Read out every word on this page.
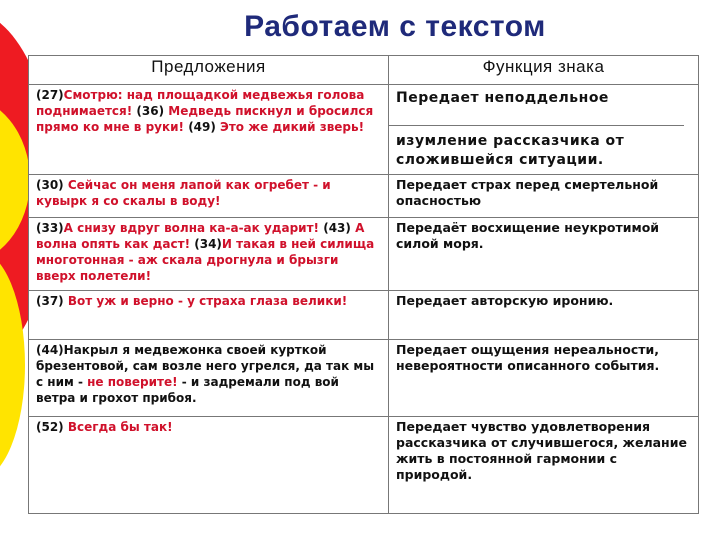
Работаем с текстом
Предложения	Функция знака
(27)Смотрю: над площадкой медвежья голова поднимается! (36) Медведь пискнул и бросился прямо ко мне в руки! (49) Это же дикий зверь!	Передает неподдельное
изумление рассказчика от сложившейся ситуации.

(30) Сейчас он меня лапой как огребет - и кувырк я со скалы в воду!	Передает страх перед смертельной опасностью
(33)А снизу вдруг волна ка-а-ак ударит! (43) А волна опять как даст! (34)И такая в ней силища многотонная - аж скала дрогнула и брызги вверх полетели!	Передаёт восхищение неукротимой силой моря.
(37) Вот уж и верно - у страха глаза велики!	Передает авторскую иронию.
(44)Накрыл я медвежонка своей курткой брезентовой, сам возле него угрелся, да так мы с ним - не поверите! - и задремали под вой ветра и грохот прибоя.	Передает ощущения нереальности, невероятности описанного события.
(52) Всегда бы так!	Передает чувство удовлетворения рассказчика от случившегося, желание жить в постоянной гармонии с природой.
